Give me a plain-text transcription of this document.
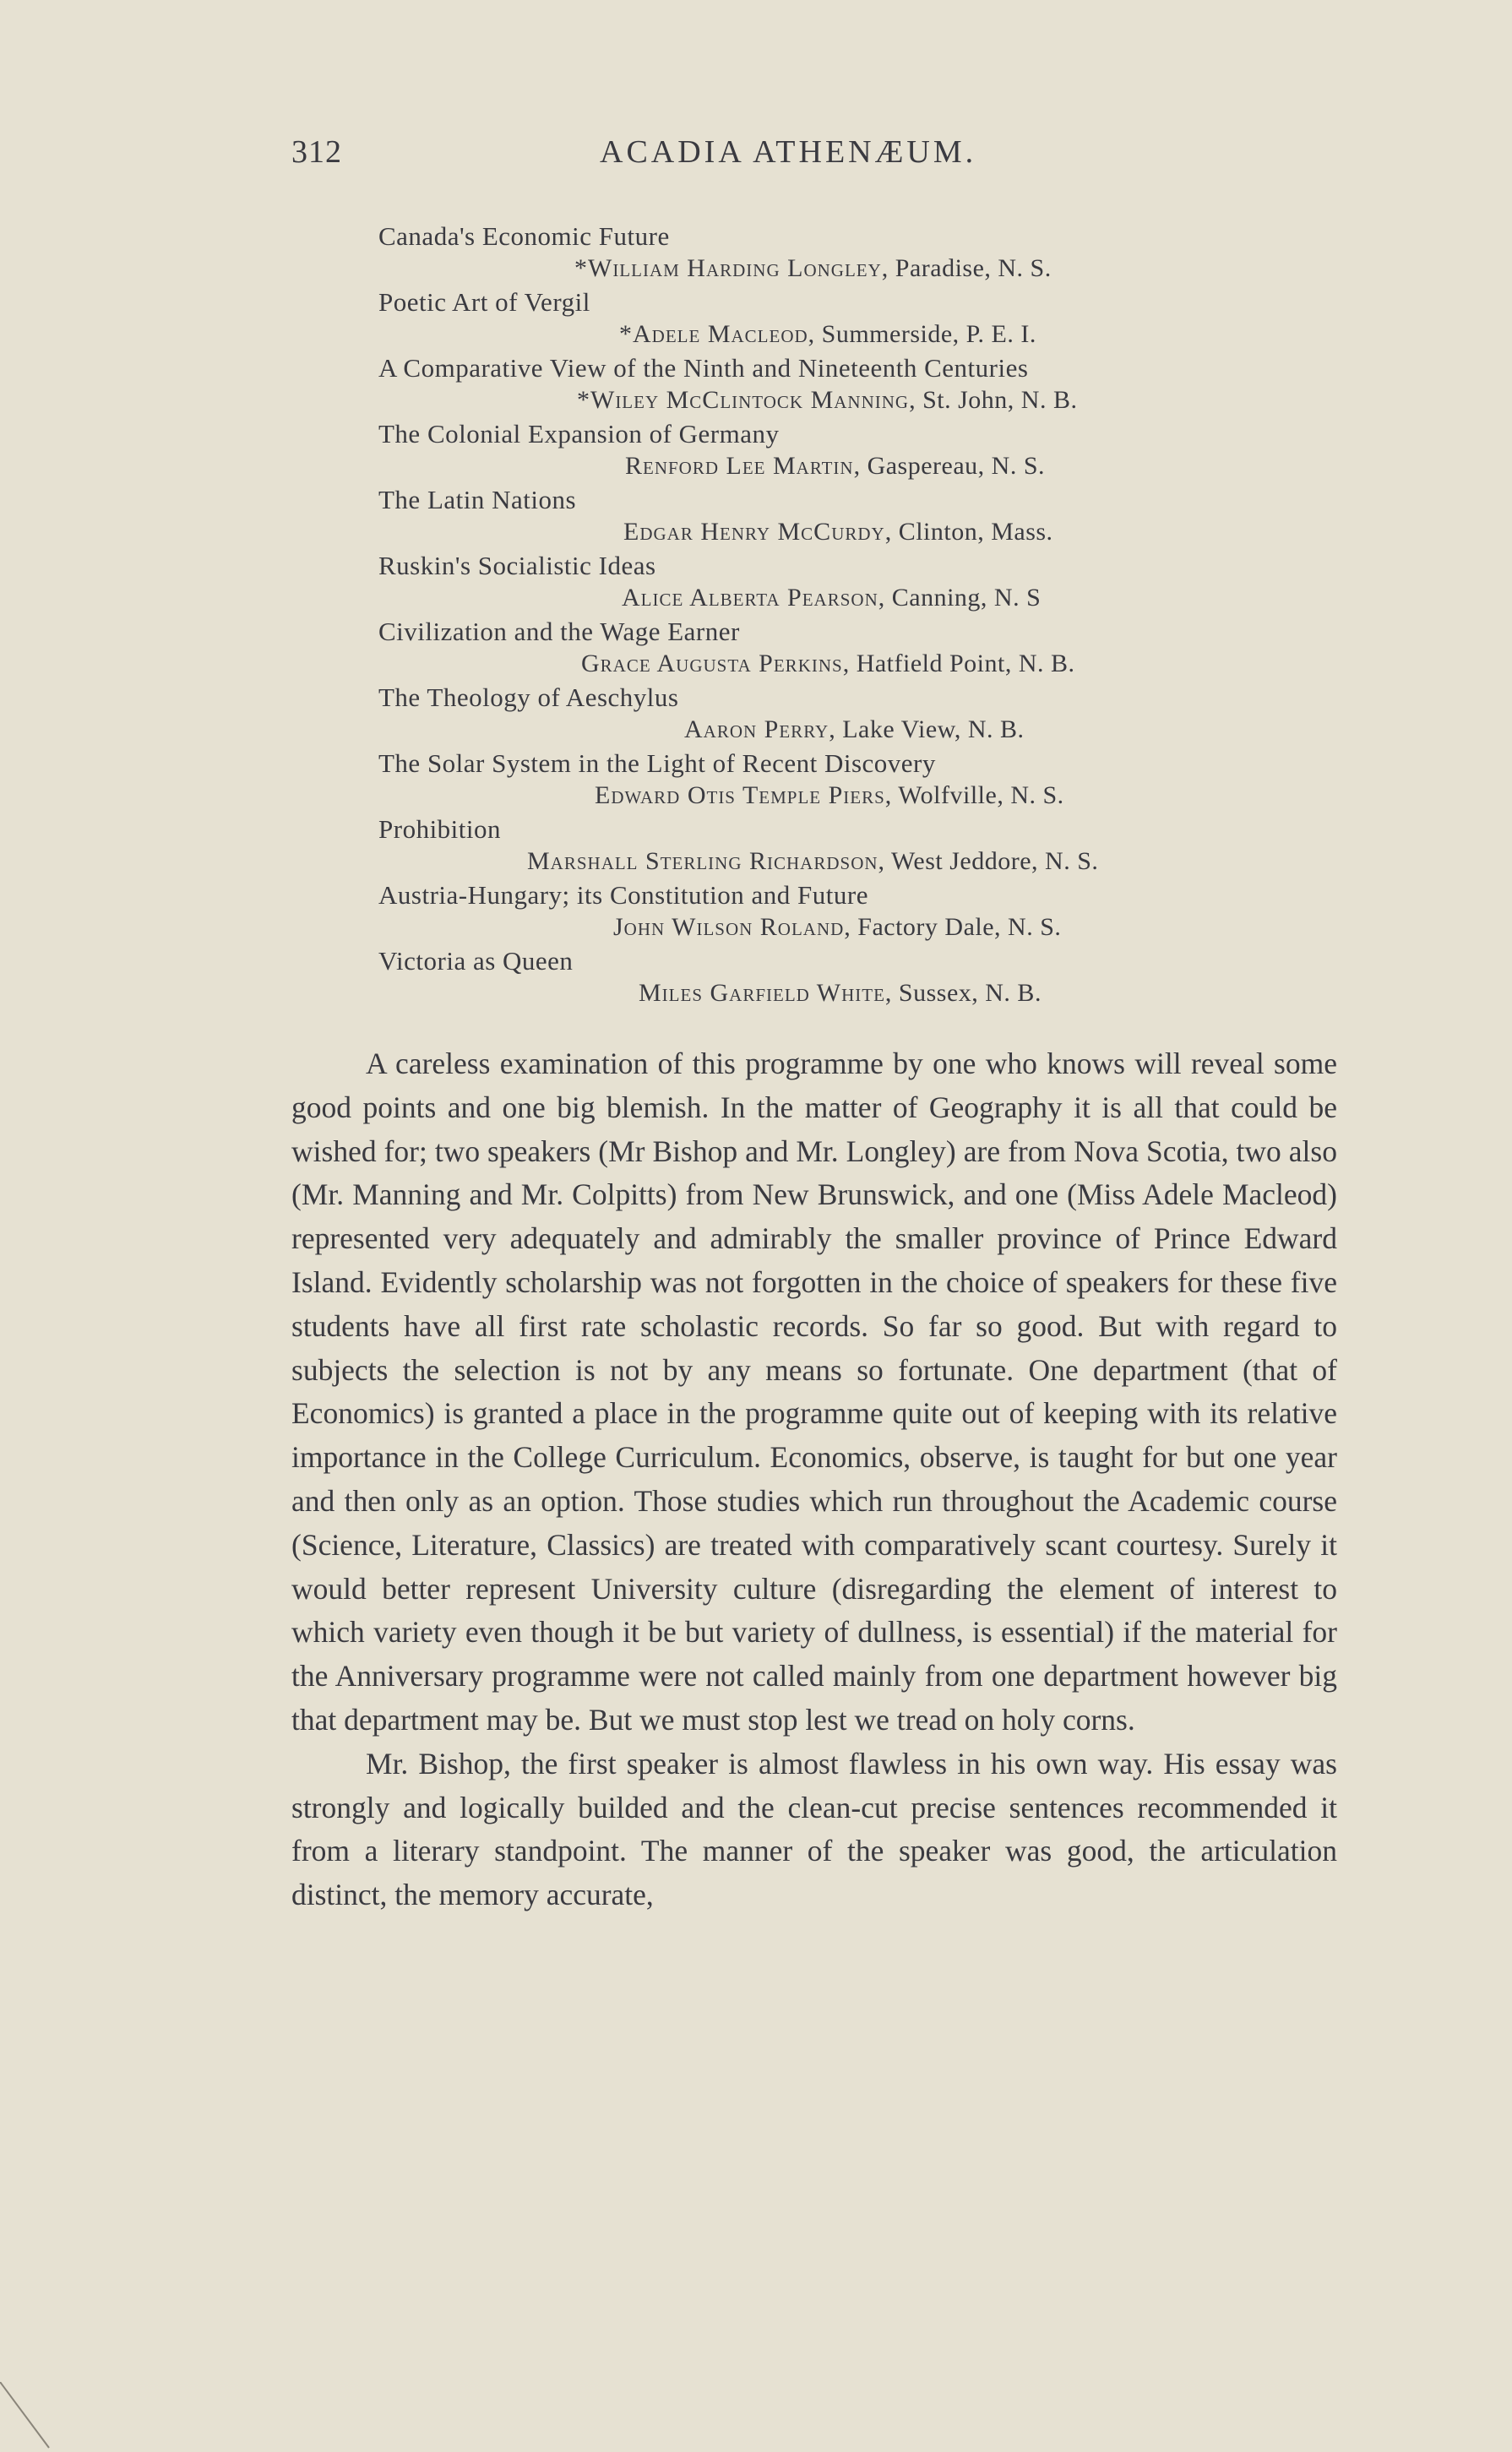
312	ACADIA ATHENÆUM.
Canada's Economic Future
*William Harding Longley, Paradise, N. S.
Poetic Art of Vergil
*Adele Macleod, Summerside, P. E. I.
A Comparative View of the Ninth and Nineteenth Centuries
*Wiley McClintock Manning, St. John, N. B.
The Colonial Expansion of Germany
Renford Lee Martin, Gaspereau, N. S.
The Latin Nations
Edgar Henry McCurdy, Clinton, Mass.
Ruskin's Socialistic Ideas
Alice Alberta Pearson, Canning, N. S
Civilization and the Wage Earner
Grace Augusta Perkins, Hatfield Point, N. B.
The Theology of Aeschylus
Aaron Perry, Lake View, N. B.
The Solar System in the Light of Recent Discovery
Edward Otis Temple Piers, Wolfville, N. S.
Prohibition
Marshall Sterling Richardson, West Jeddore, N. S.
Austria-Hungary; its Constitution and Future
John Wilson Roland, Factory Dale, N. S.
Victoria as Queen
Miles Garfield White, Sussex, N. B.

A careless examination of this programme by one who knows will reveal some good points and one big blemish. In the matter of Geography it is all that could be wished for; two speakers (Mr Bishop and Mr. Longley) are from Nova Scotia, two also (Mr. Manning and Mr. Colpitts) from New Brunswick, and one (Miss Adele Macleod) represented very adequately and admirably the smaller province of Prince Edward Island. Evidently scholarship was not forgotten in the choice of speakers for these five students have all first rate scholastic records. So far so good. But with regard to subjects the selection is not by any means so fortunate. One department (that of Economics) is granted a place in the programme quite out of keeping with its relative importance in the College Curriculum. Economics, observe, is taught for but one year and then only as an option. Those studies which run throughout the Academic course (Science, Literature, Classics) are treated with comparatively scant courtesy. Surely it would better represent University culture (disregarding the element of interest to which variety even though it be but variety of dullness, is essential) if the material for the Anniversary programme were not called mainly from one department however big that department may be. But we must stop lest we tread on holy corns.

Mr. Bishop, the first speaker is almost flawless in his own way. His essay was strongly and logically builded and the clean-cut precise sentences recommended it from a literary standpoint. The manner of the speaker was good, the articulation distinct, the memory accurate,
